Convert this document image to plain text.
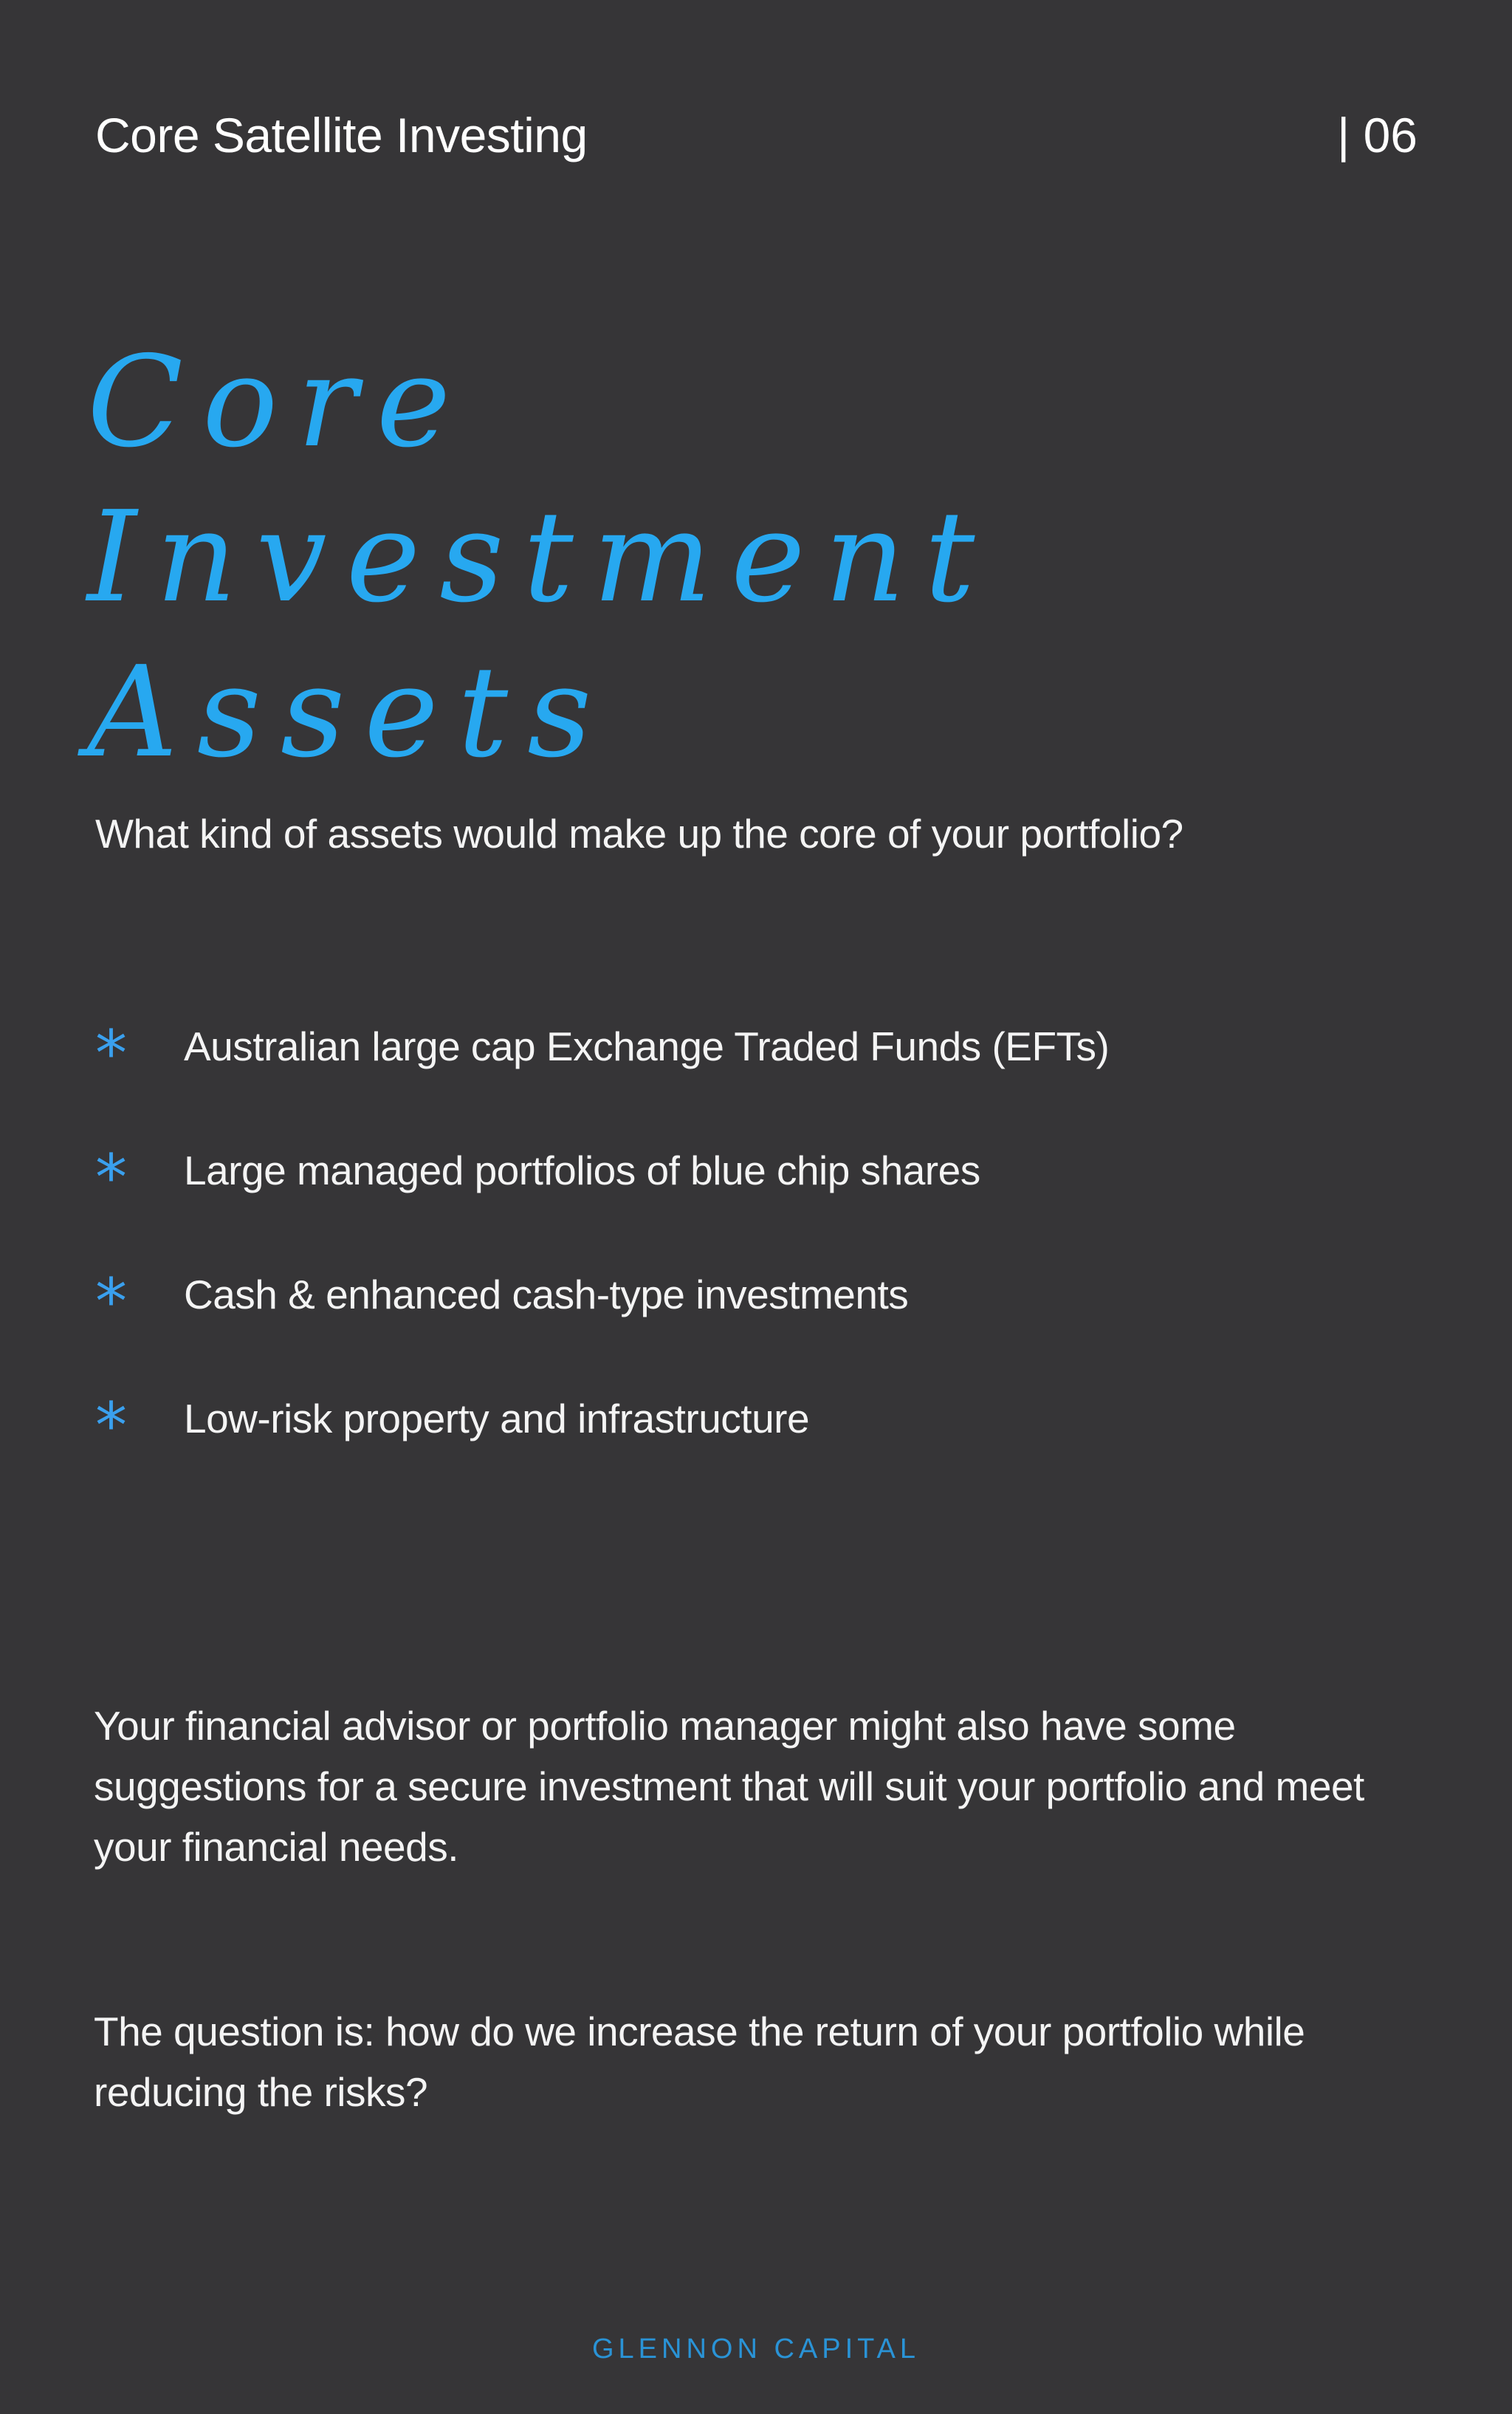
Core Satellite Investing	| 06
Core Investment
Assets
What kind of assets would make up the core of your portfolio?
*	Australian large cap Exchange Traded Funds (EFTs)
*	Large managed portfolios of blue chip shares
*	Cash & enhanced cash-type investments
*	Low-risk property and infrastructure

Your financial advisor or portfolio manager might also have some suggestions for a secure investment that will suit your portfolio and meet your financial needs.

The question is: how do we increase the return of your portfolio while reducing the risks?

GLENNON CAPITAL
